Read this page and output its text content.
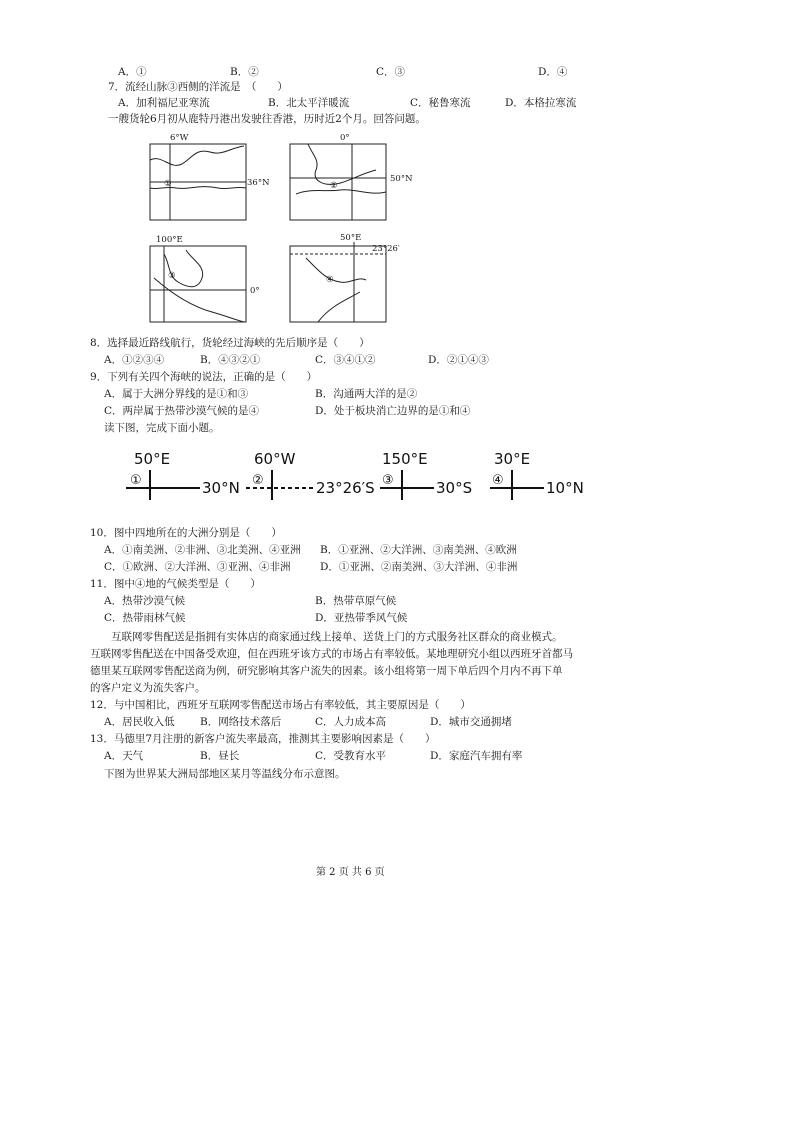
A．①	B．②	C．③	D．④
7．流经山脉③西侧的洋流是　（　　）
A．加利福尼亚寒流	B．北太平洋暖流	C．秘鲁寒流	D．本格拉寒流
一艘货轮6月初从鹿特丹港出发驶往香港，历时近2个月。回答问题。
6°W
36°N
①
0°
50°N
②
100°E
0°
③
50°E
23°26′
④
8．选择最近路线航行，货轮经过海峡的先后顺序是（　　）
A．①②③④	B．④③②①	C．③④①②	D．②①④③
9．下列有关四个海峡的说法，正确的是（　　）
A．属于大洲分界线的是①和③	B．沟通两大洋的是②
C．两岸属于热带沙漠气候的是④	D．处于板块消亡边界的是①和④
读下图，完成下面小题。
50°E	60°W	150°E	30°E
30°N	23°26′S	30°S	10°N
①	②	③	④
10．图中四地所在的大洲分别是（　　）
A．①南美洲、②非洲、③北美洲、④亚洲 B．①亚洲、②大洋洲、③南美洲、④欧洲
C．①欧洲、②大洋洲、③亚洲、④非洲	D．①亚洲、②南美洲、③大洋洲、④非洲
11．图中④地的气候类型是（　　）
A．热带沙漠气候	B．热带草原气候
C．热带雨林气候	D．亚热带季风气候
　　互联网零售配送是指拥有实体店的商家通过线上接单、送货上门的方式服务社区群众的商业模式。
互联网零售配送在中国备受欢迎，但在西班牙该方式的市场占有率较低。某地理研究小组以西班牙首都马
德里某互联网零售配送商为例，研究影响其客户流失的因素。该小组将第一周下单后四个月内不再下单
的客户定义为流失客户。
12．与中国相比，西班牙互联网零售配送市场占有率较低，其主要原因是（　　）
A．居民收入低 B．网络技术落后	C．人力成本高	D．城市交通拥堵
13．马德里7月注册的新客户流失率最高，推测其主要影响因素是（　　）
A．天气	B．昼长	C．受教育水平	D．家庭汽车拥有率
下图为世界某大洲局部地区某月等温线分布示意图。
第 2 页 共 6 页
